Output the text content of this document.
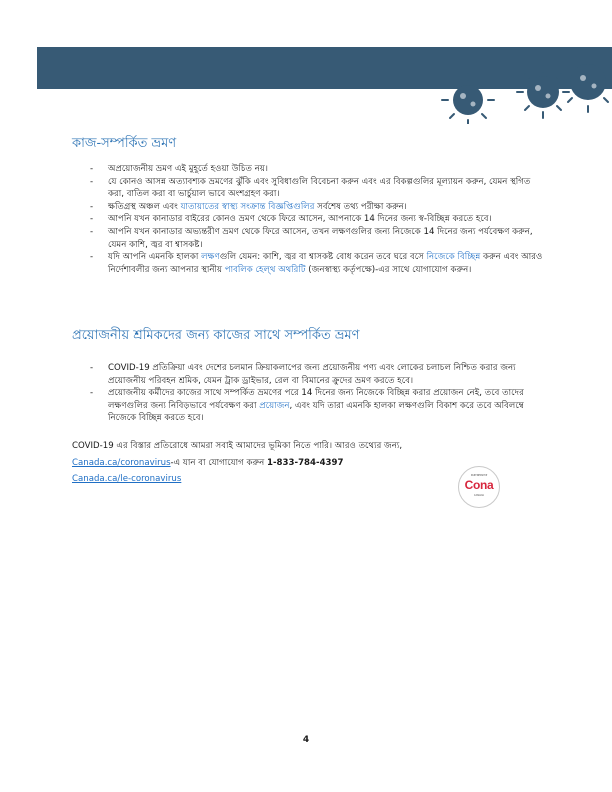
কাজ-সম্পর্কিত ভ্রমণ
- অপ্রয়োজনীয় ভ্রমণ এই মুহূর্তে হওয়া উচিত নয়।
- যে কোনও আসন্ন অত্যাবশ্যক ভ্রমণের ঝুঁকি এবং সুবিধাগুলি বিবেচনা করুন এবং এর বিকল্পগুলির মূল্যায়ন করুন, যেমন স্থগিত করা, বাতিল করা বা ভার্চুয়াল ভাবে অংশগ্রহণ করা।
- ক্ষতিগ্রস্থ অঞ্চল এবং যাতায়াতের স্বাস্থ্য সংক্রান্ত বিজ্ঞপ্তিগুলির সর্বশেষ তথ্য পরীক্ষা করুন।
- আপনি যখন কানাডার বাইরের কোনও ভ্রমণ থেকে ফিরে আসেন, আপনাকে 14 দিনের জন্য স্ব-বিচ্ছিন্ন করতে হবে।
- আপনি যখন কানাডার অভ্যন্তরীণ ভ্রমণ থেকে ফিরে আসেন, তখন লক্ষণগুলির জন্য নিজেকে 14 দিনের জন্য পর্যবেক্ষণ করুন, যেমন কাশি, জ্বর বা শ্বাসকষ্ট।
- যদি আপনি এমনকি হালকা লক্ষণগুলি যেমন: কাশি, জ্বর বা শ্বাসকষ্ট বোধ করেন তবে ঘরে বসে নিজেকে বিচ্ছিন্ন করুন এবং আরও নির্দেশাবলীর জন্য আপনার স্থানীয় পাবলিক হেল্থ অথরিটি (জনস্বাস্থ্য কর্তৃপক্ষে)-এর সাথে যোগাযোগ করুন।
প্রয়োজনীয় শ্রমিকদের জন্য কাজের সাথে সম্পর্কিত ভ্রমণ
- COVID-19 প্রতিক্রিয়া এবং দেশের চলমান ক্রিয়াকলাপের জন্য প্রয়োজনীয় পণ্য এবং লোকের চলাচল নিশ্চিত করার জন্য প্রয়োজনীয় পরিবহন শ্রমিক, যেমন ট্রাক ড্রাইভার, রেল বা বিমানের ক্রুদের ভ্রমণ করতে হবে।
- প্রয়োজনীয় কর্মীদের কাজের সাথে সম্পর্কিত ভ্রমণের পরে 14 দিনের জন্য নিজেকে বিচ্ছিন্ন করার প্রয়োজন নেই, তবে তাদের লক্ষণগুলির জন্য নিবিড়ভাবে পর্যবেক্ষণ করা প্রয়োজন, এবং যদি তারা এমনকি হালকা লক্ষণগুলি বিকাশ করে তবে অবিলম্বে নিজেকে বিচ্ছিন্ন করতে হবে।

COVID-19 এর বিস্তার প্রতিরোধে আমরা সবাই আমাদের ভূমিকা নিতে পারি। আরও তথ্যের জন্য,

Canada.ca/coronavirus-এ যান বা যোগাযোগ করুন 1-833-784-4397

Canada.ca/le-coronavirus	PARTNERSHIP
Cona
CANADA
4
